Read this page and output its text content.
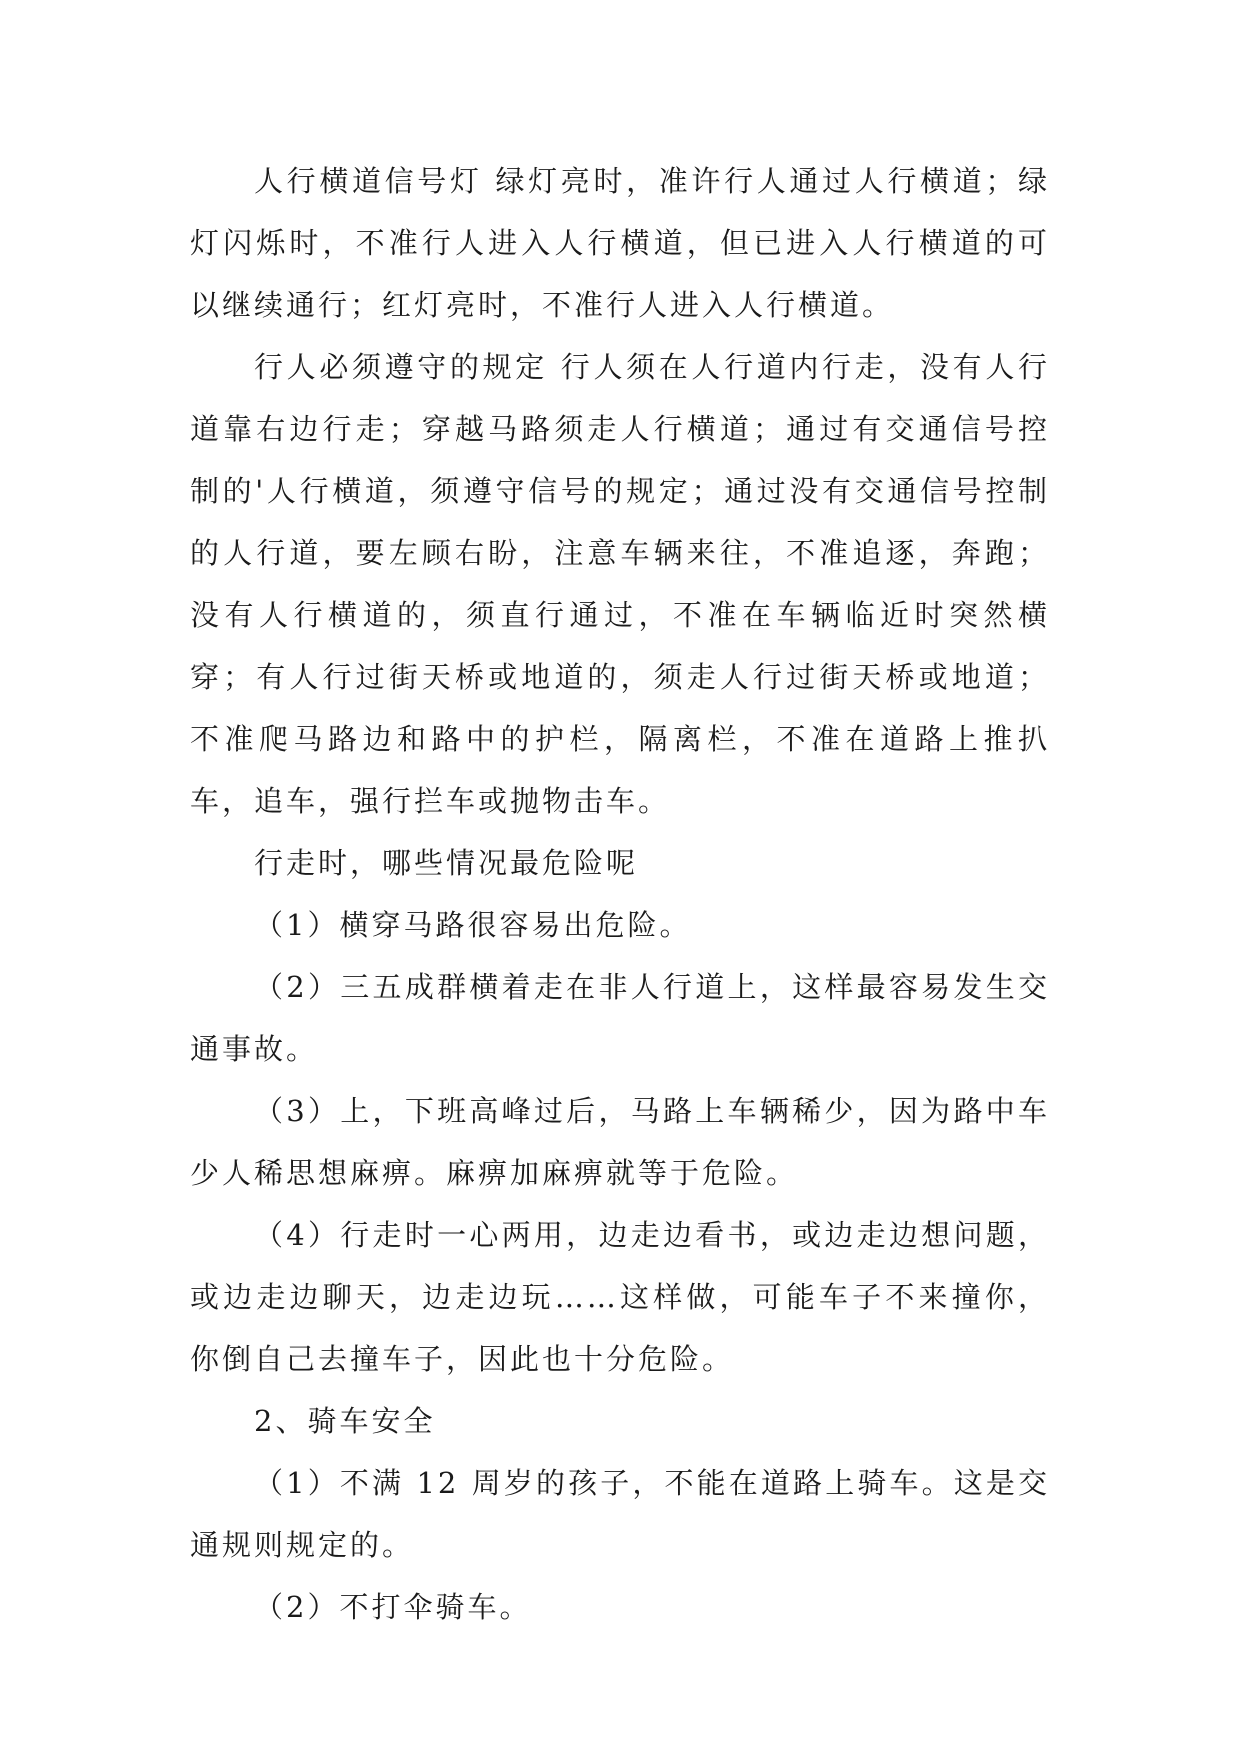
人行横道信号灯 绿灯亮时，准许行人通过人行横道；绿灯闪烁时，不准行人进入人行横道，但已进入人行横道的可以继续通行；红灯亮时，不准行人进入人行横道。

行人必须遵守的规定 行人须在人行道内行走，没有人行道靠右边行走；穿越马路须走人行横道；通过有交通信号控制的'人行横道，须遵守信号的规定；通过没有交通信号控制的人行道，要左顾右盼，注意车辆来往，不准追逐，奔跑；没有人行横道的，须直行通过，不准在车辆临近时突然横穿；有人行过街天桥或地道的，须走人行过街天桥或地道；不准爬马路边和路中的护栏，隔离栏，不准在道路上推扒车，追车，强行拦车或抛物击车。

行走时，哪些情况最危险呢

（1）横穿马路很容易出危险。

（2）三五成群横着走在非人行道上，这样最容易发生交通事故。

（3）上，下班高峰过后，马路上车辆稀少，因为路中车少人稀思想麻痹。麻痹加麻痹就等于危险。

（4）行走时一心两用，边走边看书，或边走边想问题，或边走边聊天，边走边玩……这样做，可能车子不来撞你，你倒自己去撞车子，因此也十分危险。

2、骑车安全

（1）不满 12 周岁的孩子，不能在道路上骑车。这是交通规则规定的。

（2）不打伞骑车。
